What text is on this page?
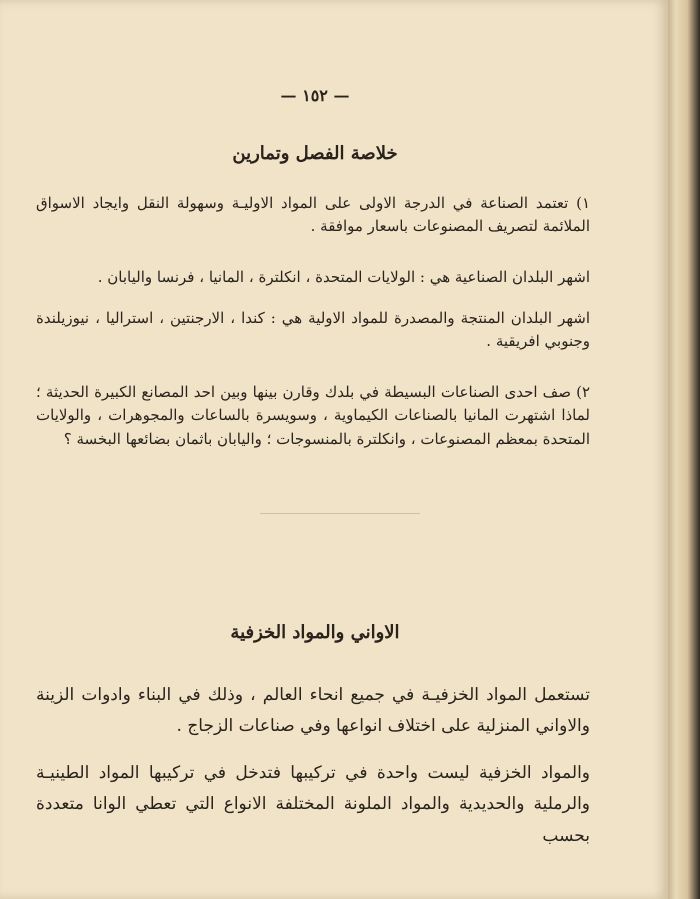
— ١٥٢ —
خلاصة الفصل وتمارين
١) تعتمد الصناعة في الدرجة الاولى على المواد الاوليـة وسهولة النقل وايجاد الاسواق الملائمة لتصريف المصنوعات باسعار موافقة .
اشهر البلدان الصناعية هي : الولايات المتحدة ، انكلترة ، المانيا ، فرنسا واليابان .
اشهر البلدان المنتجة والمصدرة للمواد الاولية هي : كندا ، الارجنتين ، استراليا ، نيوزيلندة وجنوبي افريقية .
٢) صف احدى الصناعات البسيطة في بلدك وقارن بينها وبين احد المصانع الكبيرة الحديثة ؛ لماذا اشتهرت المانيا بالصناعات الكيماوية ، وسويسرة بالساعات والمجوهرات ، والولايات المتحدة بمعظم المصنوعات ، وانكلترة بالمنسوجات ؛ واليابان باثمان بضائعها البخسة ؟
الاواني والمواد الخزفية
تستعمل المواد الخزفيـة في جميع انحاء العالم ، وذلك في البناء وادوات الزينة والاواني المنزلية على اختلاف انواعها وفي صناعات الزجاج .
والمواد الخزفية ليست واحدة في تركيبها فتدخل في تركيبها المواد الطينيـة والرملية والحديدية والمواد الملونة المختلفة الانواع التي تعطي الوانا متعددة بحسب
